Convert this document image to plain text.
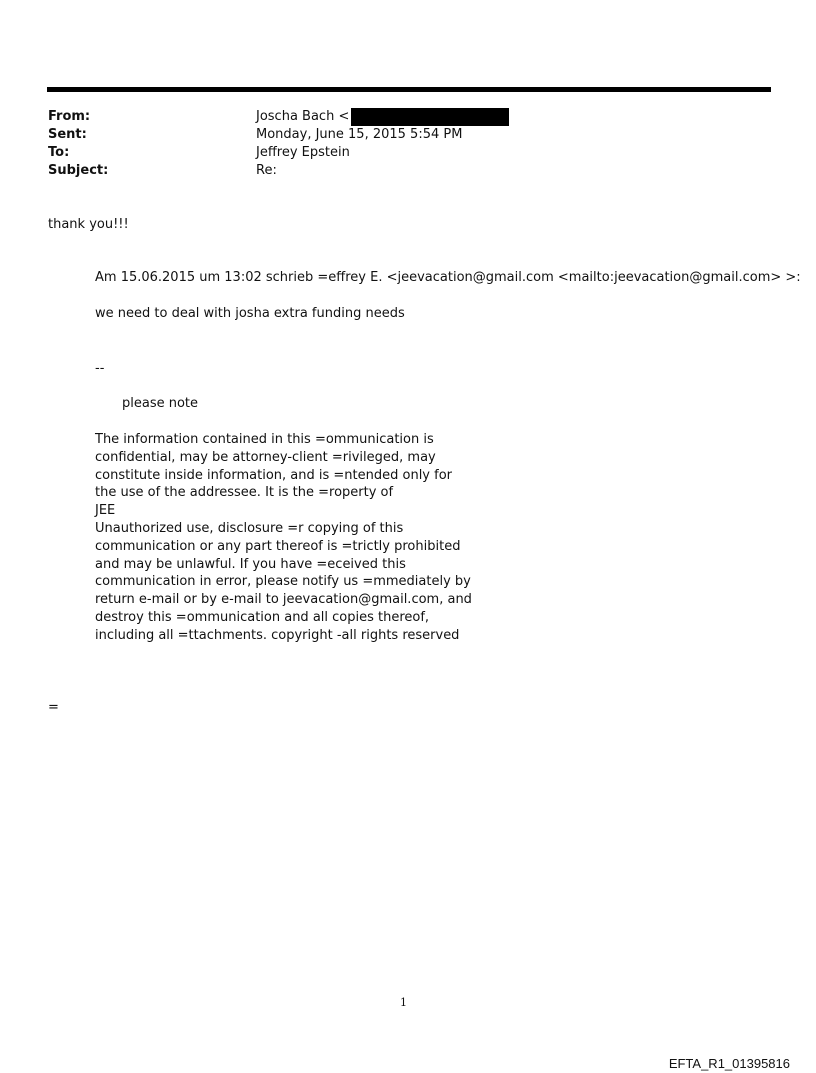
From:	Joscha Bach <
Sent:	Monday, June 15, 2015 5:54 PM
To:	Jeffrey Epstein
Subject:	Re:
thank you!!!
Am 15.06.2015 um 13:02 schrieb =effrey E. <jeevacation@gmail.com <mailto:jeevacation@gmail.com> >:
we need to deal with josha extra funding needs
--
please note
The information contained in this =ommunication is
confidential, may be attorney-client =rivileged, may
constitute inside information, and is =ntended only for
the use of the addressee. It is the =roperty of
JEE
Unauthorized use, disclosure =r copying of this
communication or any part thereof is =trictly prohibited
and may be unlawful. If you have =eceived this
communication in error, please notify us =mmediately by
return e-mail or by e-mail to jeevacation@gmail.com, and
destroy this =ommunication and all copies thereof,
including all =ttachments. copyright -all rights reserved
=
1
EFTA_R1_01395816
